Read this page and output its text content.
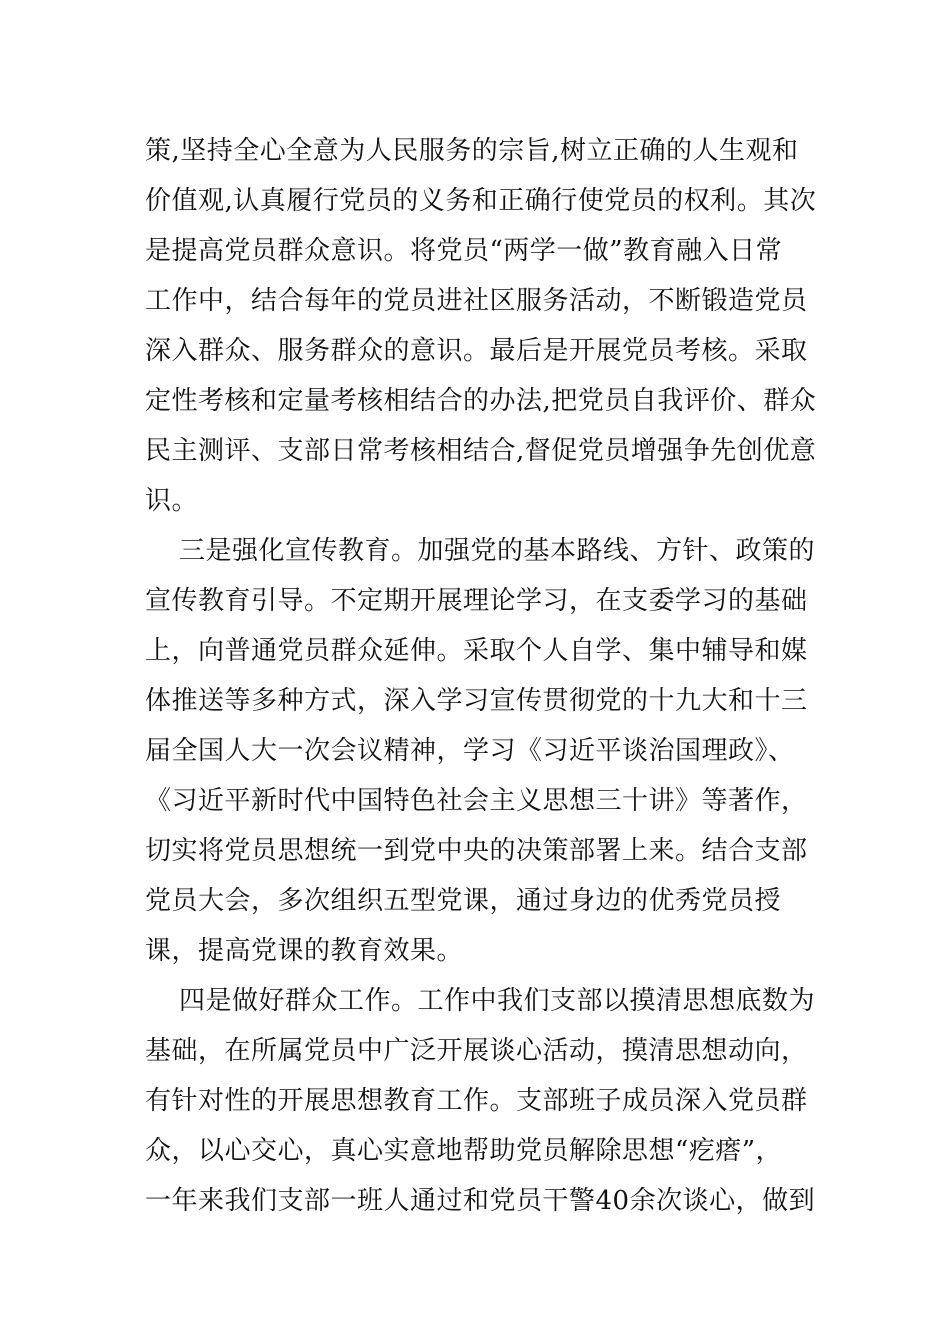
策,坚持全心全意为人民服务的宗旨,树立正确的人生观和
价值观,认真履行党员的义务和正确行使党员的权利。其次
是提高党员群众意识。将党员“两学一做”教育融入日常
工作中，结合每年的党员进社区服务活动，不断锻造党员
深入群众、服务群众的意识。最后是开展党员考核。采取
定性考核和定量考核相结合的办法,把党员自我评价、群众
民主测评、支部日常考核相结合,督促党员增强争先创优意
识。
三是强化宣传教育。加强党的基本路线、方针、政策的
宣传教育引导。不定期开展理论学习，在支委学习的基础
上，向普通党员群众延伸。采取个人自学、集中辅导和媒
体推送等多种方式，深入学习宣传贯彻党的十九大和十三
届全国人大一次会议精神，学习《习近平谈治国理政》、
《习近平新时代中国特色社会主义思想三十讲》等著作，
切实将党员思想统一到党中央的决策部署上来。结合支部
党员大会，多次组织五型党课，通过身边的优秀党员授
课，提高党课的教育效果。
四是做好群众工作。工作中我们支部以摸清思想底数为
基础，在所属党员中广泛开展谈心活动，摸清思想动向，
有针对性的开展思想教育工作。支部班子成员深入党员群
众，以心交心，真心实意地帮助党员解除思想“疙瘩”，
一年来我们支部一班人通过和党员干警40余次谈心，做到
